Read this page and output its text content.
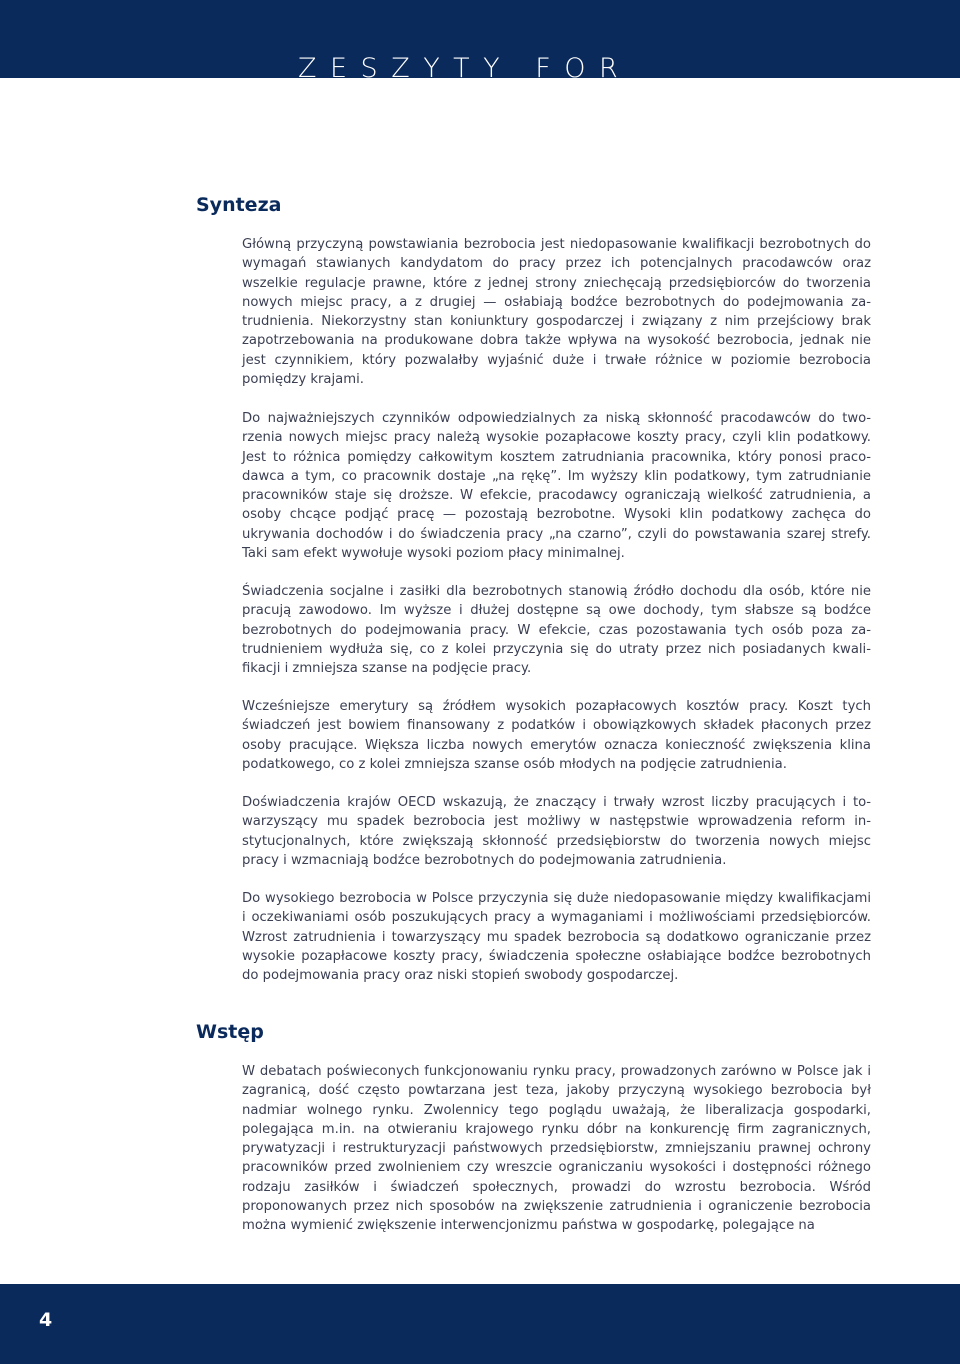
ZESZYTY FOR
Synteza

Główną przyczyną powstawiania bezrobocia jest niedopasowanie kwalifikacji bezrobotnych do wymagań stawianych kandydatom do pracy przez ich potencjalnych pracodawców oraz wszelkie regulacje prawne, które z jednej strony zniechęcają przedsiębiorców do tworzenia nowych miejsc pracy, a z drugiej — osłabiają bodźce bezrobotnych do podejmowania zatrudnienia. Niekorzystny stan koniunktury gospodarczej i związany z nim przejściowy brak zapotrzebowania na produkowane dobra także wpływa na wysokość bezrobocia, jednak nie jest czynnikiem, który pozwalałby wyjaśnić duże i trwałe różnice w poziomie bezrobocia pomiędzy krajami.

Do najważniejszych czynników odpowiedzialnych za niską skłonność pracodawców do tworzenia nowych miejsc pracy należą wysokie pozapłacowe koszty pracy, czyli klin podatkowy. Jest to różnica pomiędzy całkowitym kosztem zatrudniania pracownika, który ponosi pracodawca a tym, co pracownik dostaje „na rękę”. Im wyższy klin podatkowy, tym zatrudnianie pracowników staje się droższe. W efekcie, pracodawcy ograniczają wielkość zatrudnienia, a osoby chcące podjąć pracę — pozostają bezrobotne. Wysoki klin podatkowy zachęca do ukrywania dochodów i do świadczenia pracy „na czarno”, czyli do powstawania szarej strefy. Taki sam efekt wywołuje wysoki poziom płacy minimalnej.

Świadczenia socjalne i zasiłki dla bezrobotnych stanowią źródło dochodu dla osób, które nie pracują zawodowo. Im wyższe i dłużej dostępne są owe dochody, tym słabsze są bodźce bezrobotnych do podejmowania pracy. W efekcie, czas pozostawania tych osób poza zatrudnieniem wydłuża się, co z kolei przyczynia się do utraty przez nich posiadanych kwalifikacji i zmniejsza szanse na podjęcie pracy.

Wcześniejsze emerytury są źródłem wysokich pozapłacowych kosztów pracy. Koszt tych świadczeń jest bowiem finansowany z podatków i obowiązkowych składek płaconych przez osoby pracujące. Większa liczba nowych emerytów oznacza konieczność zwiększenia klina podatkowego, co z kolei zmniejsza szanse osób młodych na podjęcie zatrudnienia.

Doświadczenia krajów OECD wskazują, że znaczący i trwały wzrost liczby pracujących i towarzyszący mu spadek bezrobocia jest możliwy w następstwie wprowadzenia reform instytucjonalnych, które zwiększają skłonność przedsiębiorstw do tworzenia nowych miejsc pracy i wzmacniają bodźce bezrobotnych do podejmowania zatrudnienia.

Do wysokiego bezrobocia w Polsce przyczynia się duże niedopasowanie między kwalifikacjami i oczekiwaniami osób poszukujących pracy a wymaganiami i możliwościami przedsiębiorców. Wzrost zatrudnienia i towarzyszący mu spadek bezrobocia są dodatkowo ograniczanie przez wysokie pozapłacowe koszty pracy, świadczenia społeczne osłabiające bodźce bezrobotnych do podejmowania pracy oraz niski stopień swobody gospodarczej.

Wstęp

W debatach poświeconych funkcjonowaniu rynku pracy, prowadzonych zarówno w Polsce jak i zagranicą, dość często powtarzana jest teza, jakoby przyczyną wysokiego bezrobocia był nadmiar wolnego rynku. Zwolennicy tego poglądu uważają, że liberalizacja gospodarki, polegająca m.in. na otwieraniu krajowego rynku dóbr na konkurencję firm zagranicznych, prywatyzacji i restrukturyzacji państwowych przedsiębiorstw, zmniejszaniu prawnej ochrony pracowników przed zwolnieniem czy wreszcie ograniczaniu wysokości i dostępności różnego rodzaju zasiłków i świadczeń społecznych, prowadzi do wzrostu bezrobocia. Wśród proponowanych przez nich sposobów na zwiększenie zatrudnienia i ograniczenie bezrobocia można wymienić zwiększenie interwencjonizmu państwa w gospodarkę, polegające na

4
